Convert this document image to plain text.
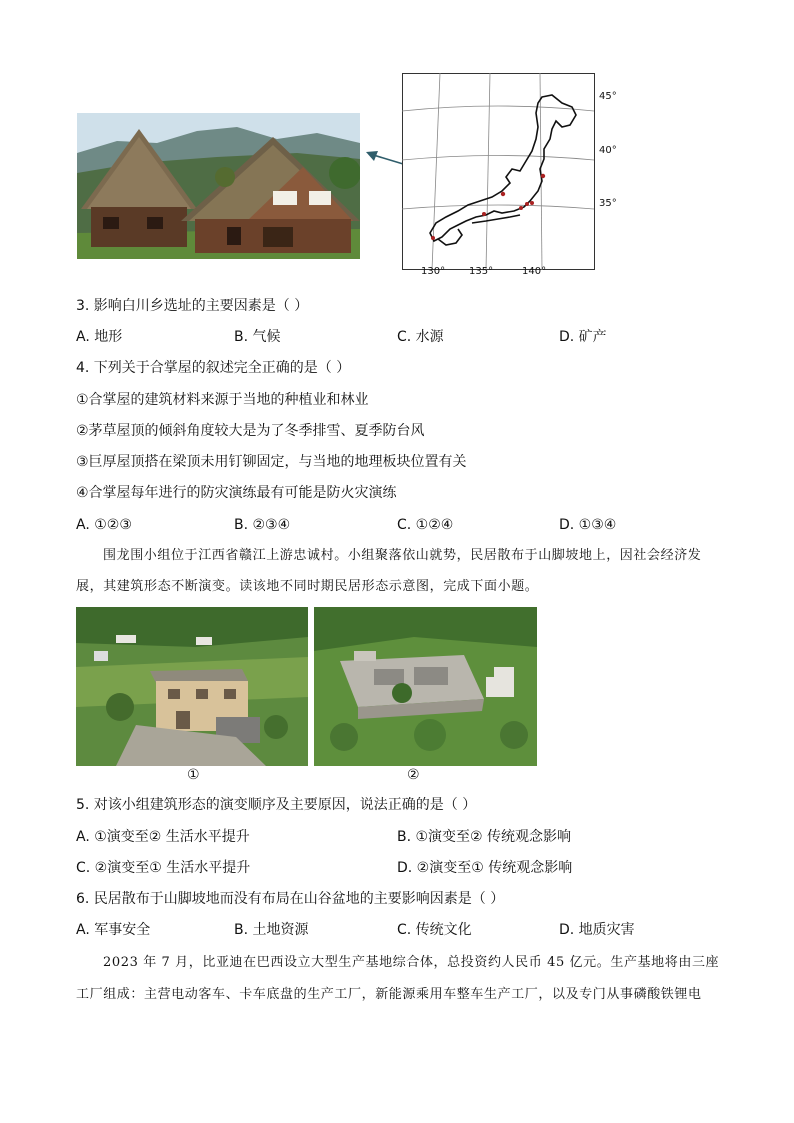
45°
40°
35°
130° 135°	140°
3. 影响白川乡选址的主要因素是（ ）
A. 地形	B. 气候	C. 水源	D. 矿产
4. 下列关于合掌屋的叙述完全正确的是（ ）
①合掌屋的建筑材料来源于当地的种植业和林业
②茅草屋顶的倾斜角度较大是为了冬季排雪、夏季防台风
③巨厚屋顶搭在梁顶未用钉铆固定，与当地的地理板块位置有关
④合掌屋每年进行的防灾演练最有可能是防火灾演练
A. ①②③	B. ②③④	C. ①②④	D. ①③④
围龙围小组位于江西省赣江上游忠诚村。小组聚落依山就势，民居散布于山脚坡地上，因社会经济发
展，其建筑形态不断演变。读该地不同时期民居形态示意图，完成下面小题。
①	②
5. 对该小组建筑形态的演变顺序及主要原因，说法正确的是（ ）
A. ①演变至② 生活水平提升	B. ①演变至② 传统观念影响
C. ②演变至① 生活水平提升	D. ②演变至① 传统观念影响
6. 民居散布于山脚坡地而没有布局在山谷盆地的主要影响因素是（ ）
A. 军事安全	B. 土地资源	C. 传统文化	D. 地质灾害
2023 年 7 月，比亚迪在巴西设立大型生产基地综合体，总投资约人民币 45 亿元。生产基地将由三座
工厂组成：主营电动客车、卡车底盘的生产工厂，新能源乘用车整车生产工厂，以及专门从事磷酸铁锂电
